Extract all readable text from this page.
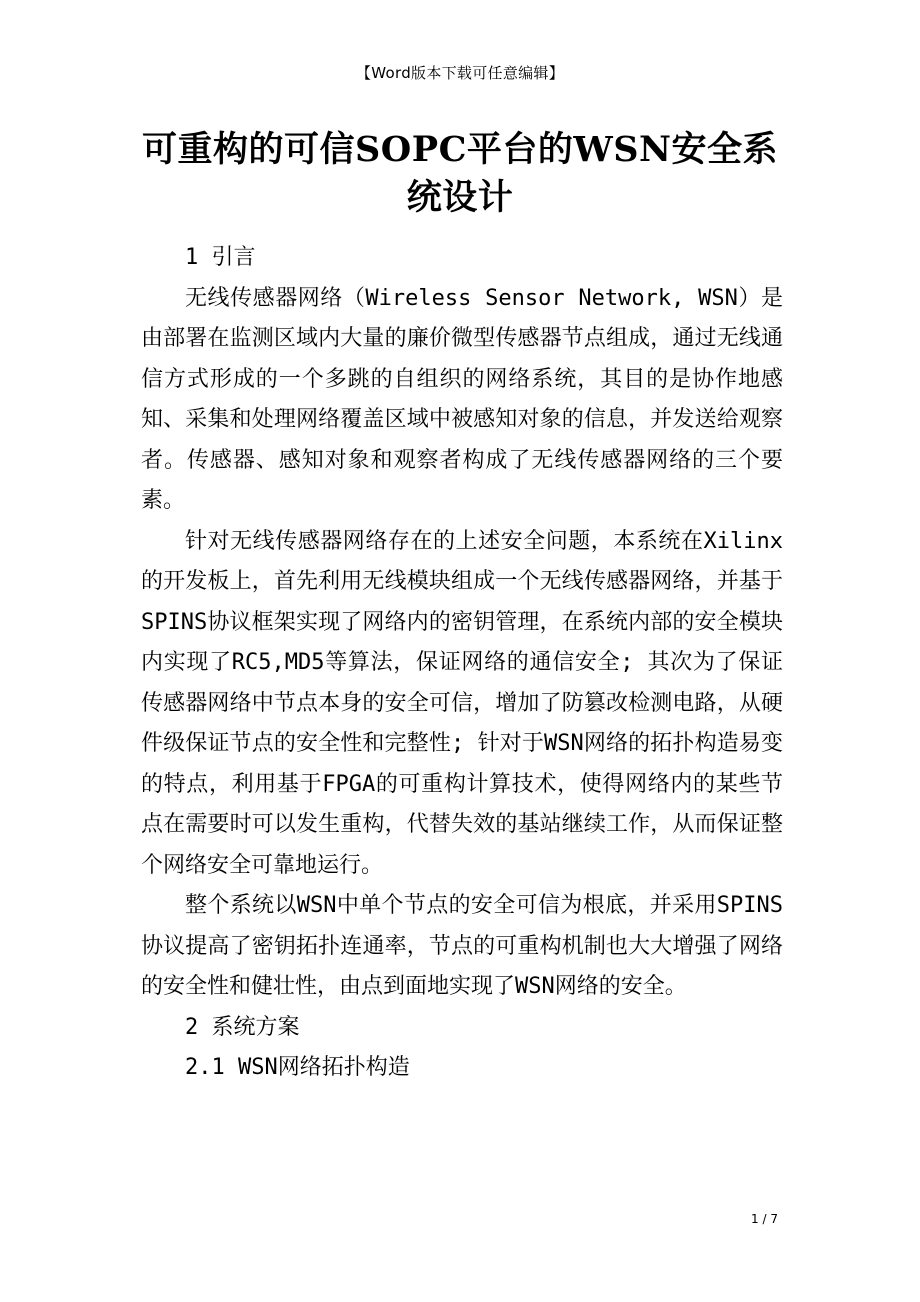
【Word版本下载可任意编辑】
可重构的可信SOPC平台的WSN安全系统设计

1 引言

无线传感器网络（Wireless Sensor Network, WSN）是由部署在监测区域内大量的廉价微型传感器节点组成，通过无线通信方式形成的一个多跳的自组织的网络系统，其目的是协作地感知、采集和处理网络覆盖区域中被感知对象的信息，并发送给观察者。传感器、感知对象和观察者构成了无线传感器网络的三个要素。

针对无线传感器网络存在的上述安全问题，本系统在Xilinx的开发板上，首先利用无线模块组成一个无线传感器网络，并基于SPINS协议框架实现了网络内的密钥管理，在系统内部的安全模块内实现了RC5,MD5等算法，保证网络的通信安全; 其次为了保证传感器网络中节点本身的安全可信，增加了防篡改检测电路，从硬件级保证节点的安全性和完整性; 针对于WSN网络的拓扑构造易变的特点，利用基于FPGA的可重构计算技术，使得网络内的某些节点在需要时可以发生重构，代替失效的基站继续工作，从而保证整个网络安全可靠地运行。

整个系统以WSN中单个节点的安全可信为根底，并采用SPINS协议提高了密钥拓扑连通率，节点的可重构机制也大大增强了网络的安全性和健壮性，由点到面地实现了WSN网络的安全。

2 系统方案

2.1 WSN网络拓扑构造

1 / 7
